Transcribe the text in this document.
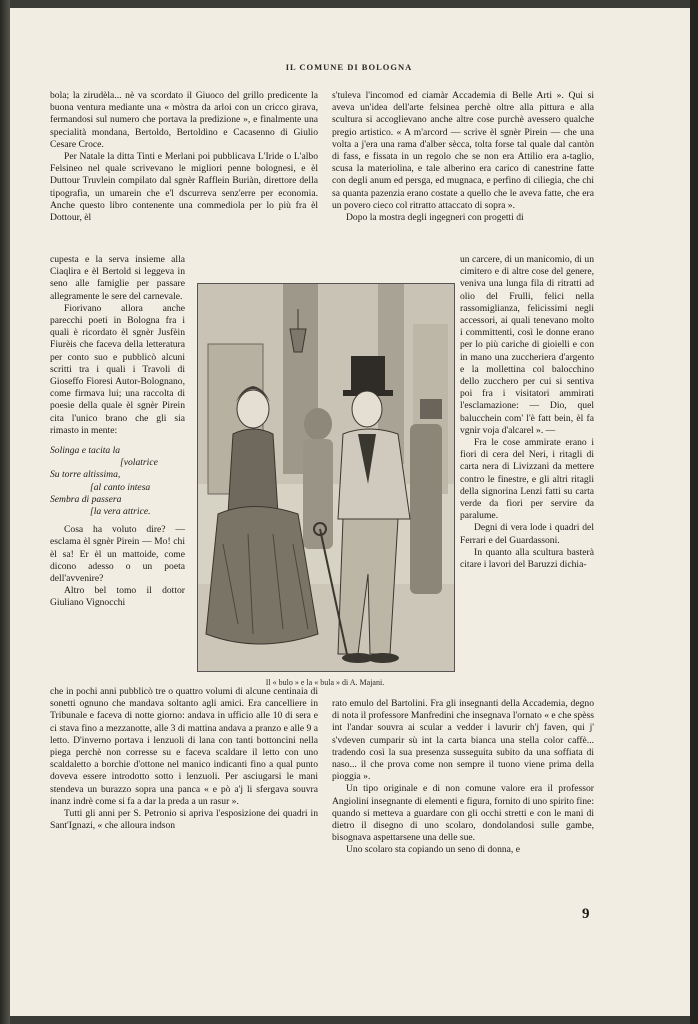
IL COMUNE DI BOLOGNA

bola; la zirudèla... nè va scordato il Giuoco del grillo predicente la buona ventura mediante una « mòstra da arloi con un cricco girava, fermandosi sul numero che portava la predizione », e finalmente una specialità mondana, Bertoldo, Bertoldino e Cacasenno di Giulio Cesare Croce.

Per Natale la ditta Tinti e Merlani poi pubblicava L'Iride o L'albo Felsineo nel quale scrivevano le migliori penne bolognesi, e èl Duttour Truvlein compilato dal sgnèr Rafflein Buriàn, direttore della tipografia, un umarein che e'l dscurreva senz'erre per economia. Anche questo libro contenente una commediola per lo più fra èl Dottour, èl

cupesta e la serva insieme alla Ciaqlira e èl Bertold si leggeva in seno alle famiglie per passare allegramente le sere del carnevale.

Fiorivano allora anche parecchi poeti in Bologna fra i quali è ricordato èl sgnèr Jusfèin Fiurèis che faceva della letteratura per conto suo e pubblicò alcuni scritti tra i quali i Travoli di Gioseffo Fioresi Autor-Bolognano, come firmava lui; una raccolta di poesie della quale èl sgnèr Pirein cita l'unico brano che gli sia rimasto in mente:

Solinga e tacita la
[volatrice
Su torre altissima,
[al canto intesa
Sembra di passera
[la vera attrice.

Cosa ha voluto dire? — esclama èl sgnèr Pirein — Mo! chi èl sa! Er èl un mattoide, come dicono adesso o un poeta dell'avvenire?

Altro bel tomo il dottor Giuliano Vignocchi

che in pochi anni pubblicò tre o quattro volumi di alcune centinaia di sonetti ognuno che mandava soltanto agli amici. Era cancelliere in Tribunale e faceva di notte giorno: andava in ufficio alle 10 di sera e ci stava fino a mezzanotte, alle 3 di mattina andava a pranzo e alle 9 a letto. D'inverno portava i lenzuoli di lana con tanti bottoncini nella piega perchè non corresse su e faceva scaldare il letto con uno scaldaletto a borchie d'ottone nel manico indicanti fino a qual punto doveva essere introdotto sotto i lenzuoli. Per asciugarsi le mani stendeva un burazzo sopra una panca « e pò a'j li sfergava souvra inanz indrè come si fa a dar la preda a un rasur ».

Tutti gli anni per S. Petronio si apriva l'esposizione dei quadri in Sant'Ignazi, « che alloura indson

s'tuleva l'incomod ed ciamàr Accademia di Belle Arti ». Qui si aveva un'idea dell'arte felsinea perchè oltre alla pittura e alla scultura si accoglievano anche altre cose purchè avessero qualche pregio artistico. « A m'arcord — scrive èl sgnèr Pirein — che una volta a j'era una rama d'alber sècca, tolta forse tal quale dal cantòn di fass, e fissata in un regolo che se non era Attilio era a-taglio, scusa la materiolina, e tale alberino era carico di canestrine fatte con degli anum ed persga, ed mugnaca, e perfino di ciliegia, che chi sa quanta pazenzia erano costate a quello che le aveva fatte, che era un povero cieco col ritratto attaccato di sopra ».

Dopo la mostra degli ingegneri con progetti di

un carcere, di un manicomio, di un cimitero e di altre cose del genere, veniva una lunga fila di ritratti ad olio del Frulli, felici nella rassomiglianza, felicissimi negli accessori, ai quali tenevano molto i committenti, così le donne erano per lo più cariche di gioielli e con in mano una zuccheriera d'argento e la mollettina col balocchino dello zucchero per cui si sentiva poi fra i visitatori ammirati l'esclamazione: — Dio, quel balucchein com' l'è fatt bein, èl fa vgnir voja d'alcarel ». —

Fra le cose ammirate erano i fiori di cera del Neri, i ritagli di carta nera di Livizzani da mettere contro le finestre, e gli altri ritagli della signorina Lenzi fatti su carta verde da fiori per servire da paralume.

Degni di vera lode i quadri del Ferrari e del Guardassoni.

In quanto alla scultura basterà citare i lavori del Baruzzi dichia-

rato emulo del Bartolini. Fra gli insegnanti della Accademia, degno di nota il professore Manfredini che insegnava l'ornato « e che spèss int l'andar souvra ai scular a vedder i lavurir ch'j faven, qui j' s'vdeven cumparir sù int la carta bianca una stella color caffè... tradendo così la sua presenza susseguita subito da una soffiata di naso... il che prova come non sempre il tuono viene prima della pioggia ».

Un tipo originale e di non comune valore era il professor Angiolini insegnante di elementi e figura, fornito di uno spirito fine: quando si metteva a guardare con gli occhi stretti e con le mani di dietro il disegno di uno scolaro, dondolandosi sulle gambe, bisognava aspettarsene una delle sue.

Uno scolaro sta copiando un seno di donna, e

Il « bulo » e la « bula » di A. Majani.
9
